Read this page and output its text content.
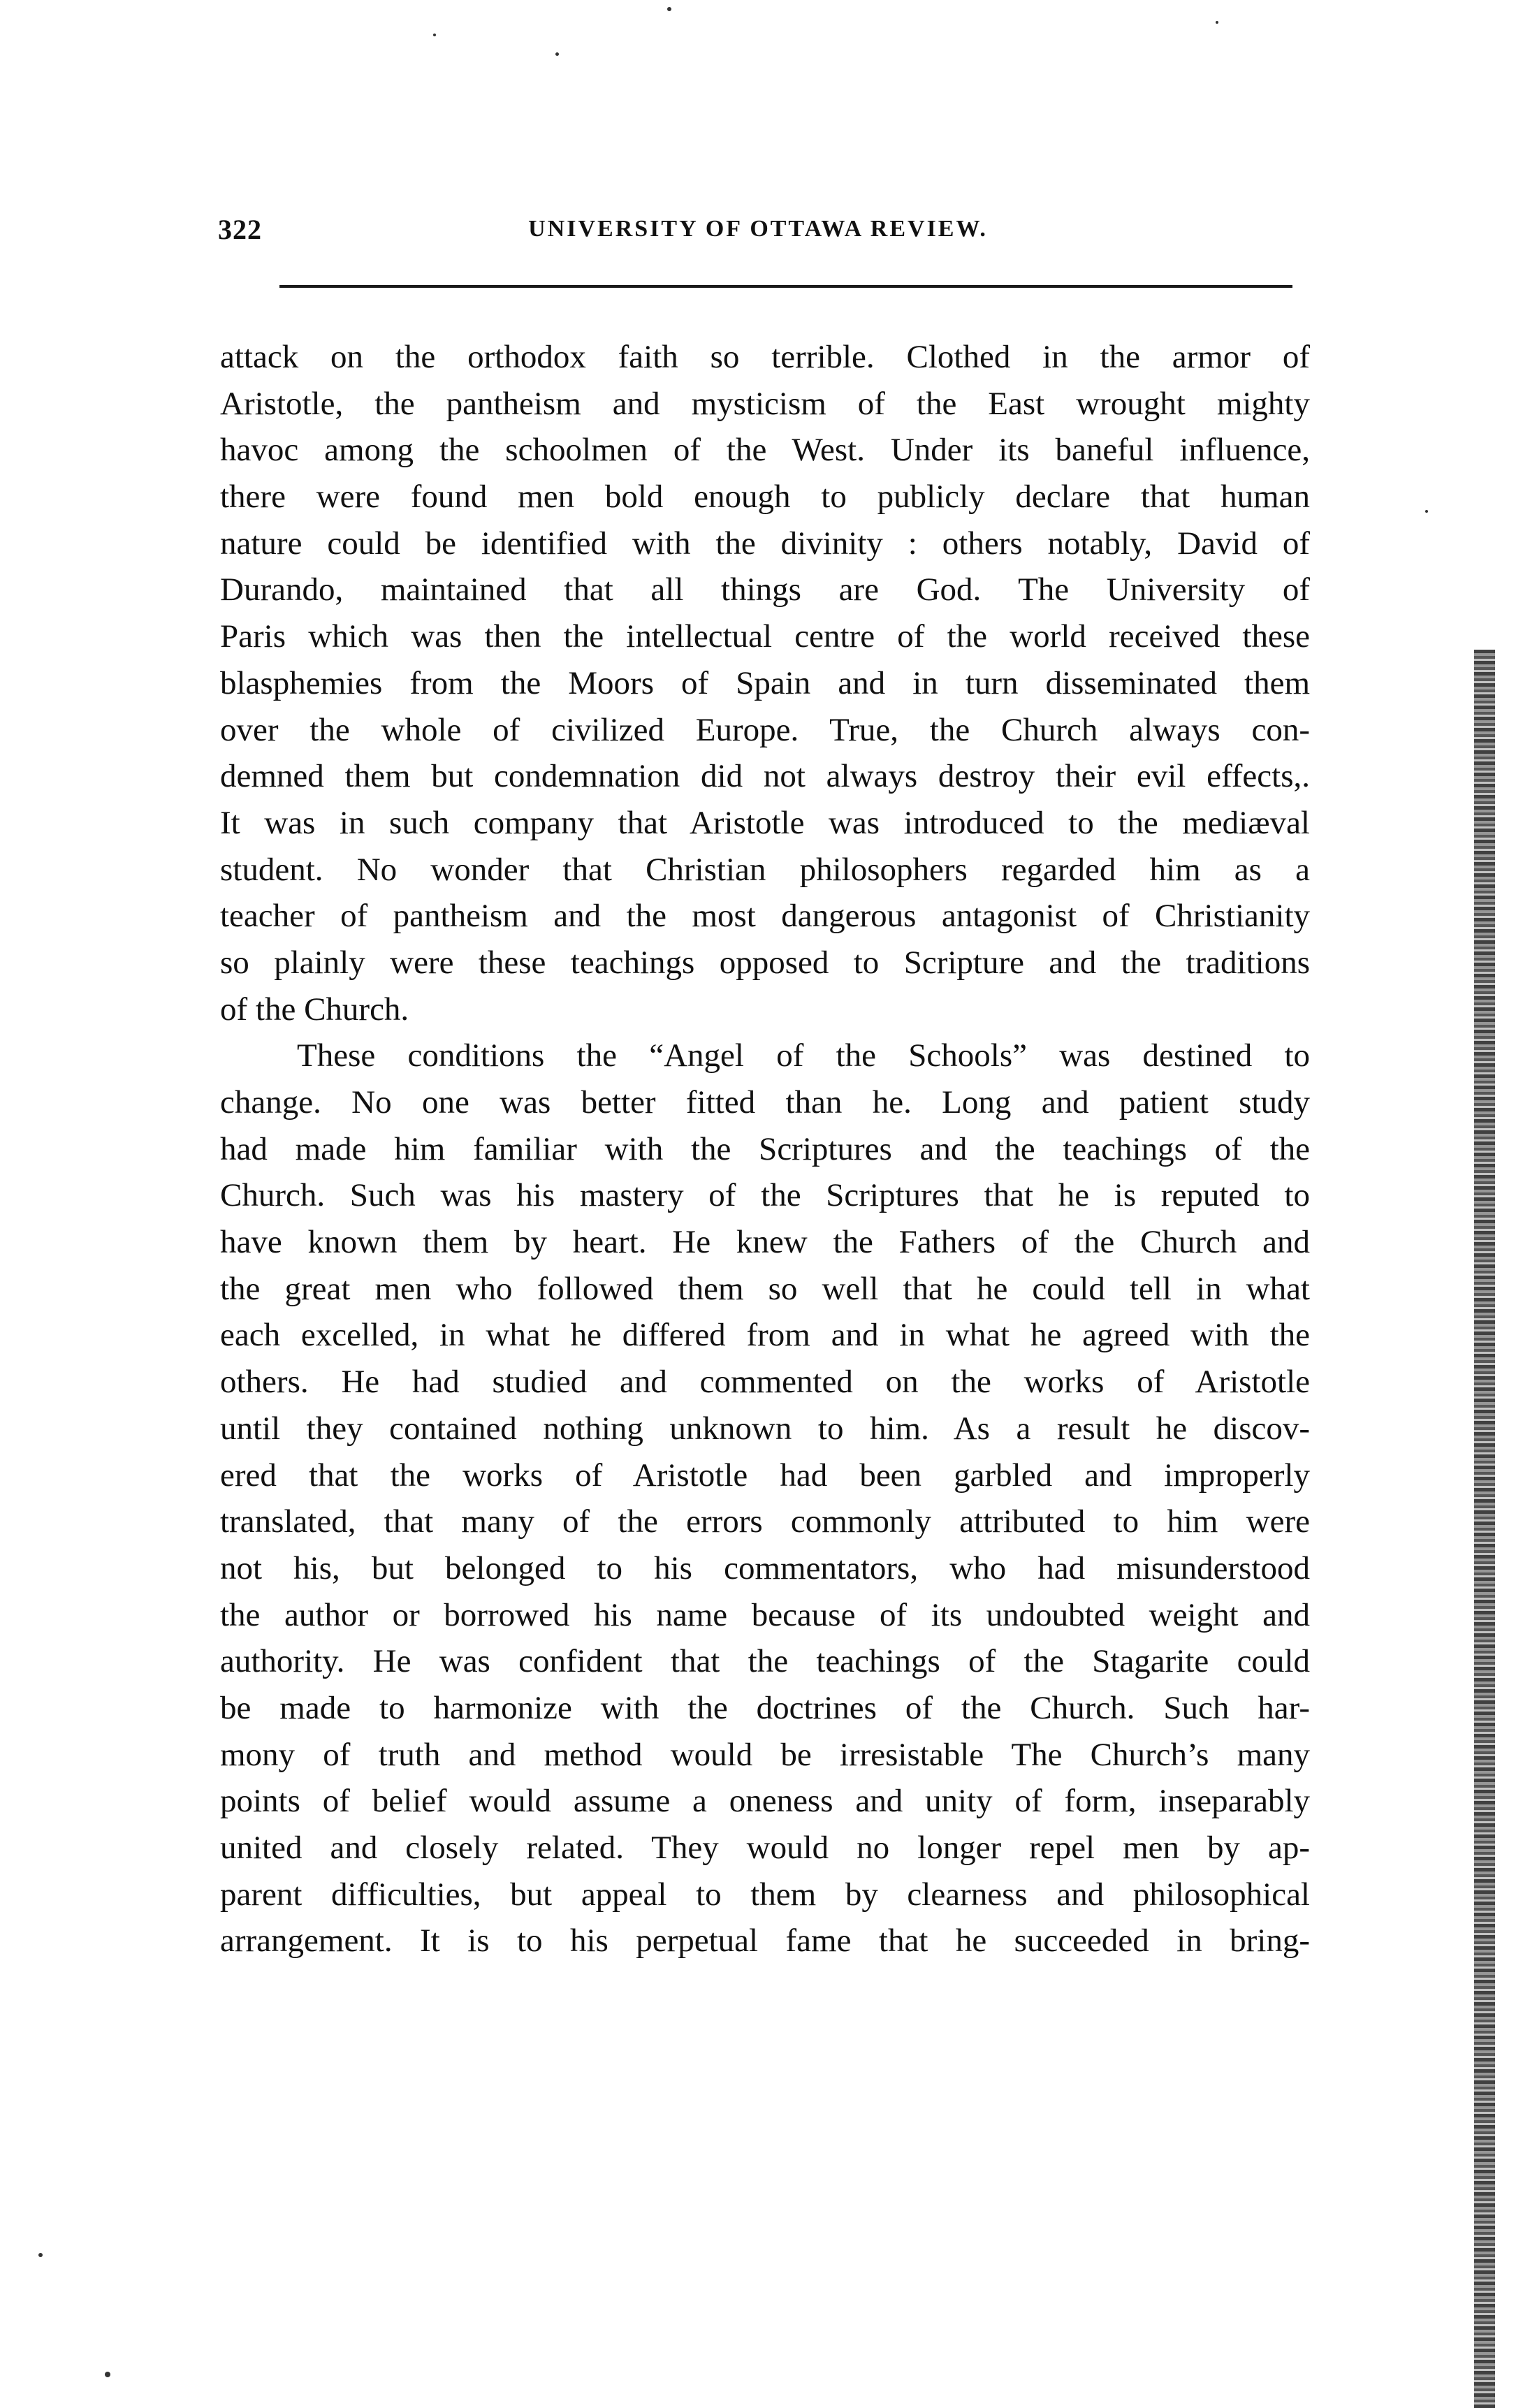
322	UNIVERSITY OF OTTAWA REVIEW.
attack on the orthodox faith so terrible. Clothed in the armor of
Aristotle, the pantheism and mysticism of the East wrought mighty
havoc among the schoolmen of the West. Under its baneful influence,
there were found men bold enough to publicly declare that human
nature could be identified with the divinity : others notably, David of
Durando, maintained that all things are God. The University of
Paris which was then the intellectual centre of the world received these
blasphemies from the Moors of Spain and in turn disseminated them
over the whole of civilized Europe. True, the Church always con-
demned them but condemnation did not always destroy their evil effects,.
It was in such company that Aristotle was introduced to the mediæval
student. No wonder that Christian philosophers regarded him as a
teacher of pantheism and the most dangerous antagonist of Christianity
so plainly were these teachings opposed to Scripture and the traditions
of the Church.
These conditions the “Angel of the Schools” was destined to
change. No one was better fitted than he. Long and patient study
had made him familiar with the Scriptures and the teachings of the
Church. Such was his mastery of the Scriptures that he is reputed to
have known them by heart. He knew the Fathers of the Church and
the great men who followed them so well that he could tell in what
each excelled, in what he differed from and in what he agreed with the
others. He had studied and commented on the works of Aristotle
until they contained nothing unknown to him. As a result he discov-
ered that the works of Aristotle had been garbled and improperly
translated, that many of the errors commonly attributed to him were
not his, but belonged to his commentators, who had misunderstood
the author or borrowed his name because of its undoubted weight and
authority. He was confident that the teachings of the Stagarite could
be made to harmonize with the doctrines of the Church. Such har-
mony of truth and method would be irresistable The Church’s many
points of belief would assume a oneness and unity of form, inseparably
united and closely related. They would no longer repel men by ap-
parent difficulties, but appeal to them by clearness and philosophical
arrangement. It is to his perpetual fame that he succeeded in bring-
